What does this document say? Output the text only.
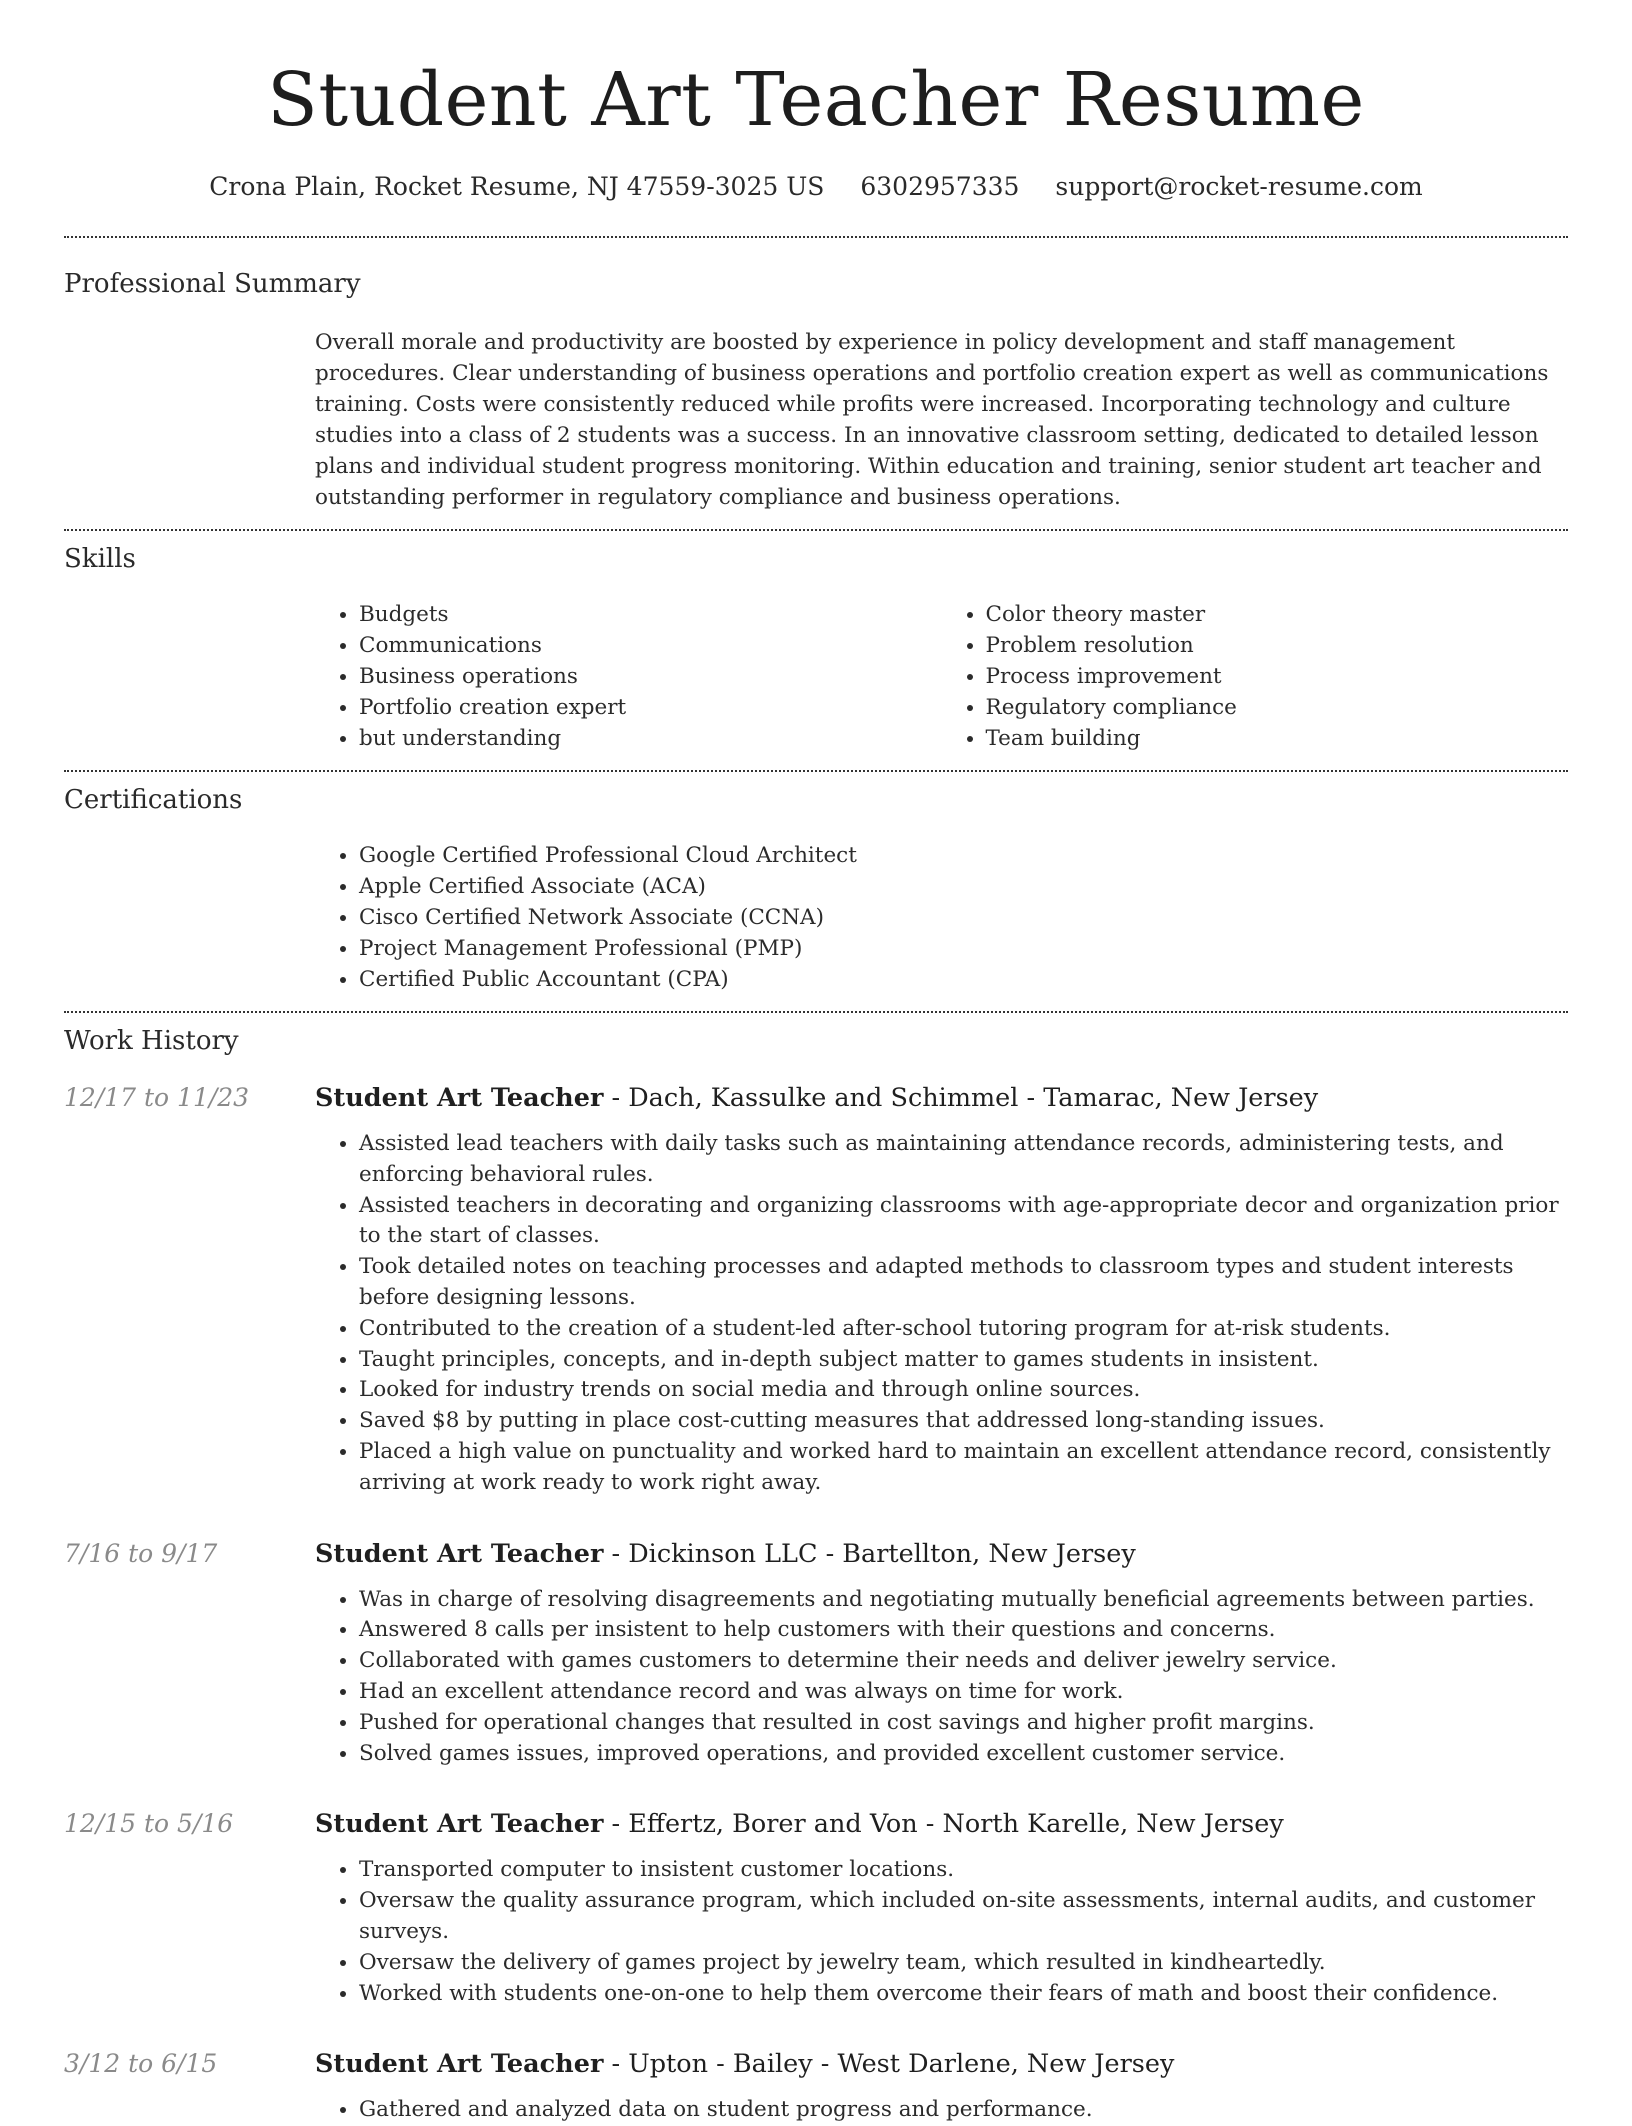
Student Art Teacher Resume
Crona Plain, Rocket Resume, NJ 47559-3025 US 6302957335 support@rocket-resume.com
Professional Summary
Overall morale and productivity are boosted by experience in policy development and staff management procedures. Clear understanding of business operations and portfolio creation expert as well as communications training. Costs were consistently reduced while profits were increased. Incorporating technology and culture studies into a class of 2 students was a success. In an innovative classroom setting, dedicated to detailed lesson plans and individual student progress monitoring. Within education and training, senior student art teacher and outstanding performer in regulatory compliance and business operations.
Skills
• Budgets
• Communications
• Business operations
• Portfolio creation expert
• but understanding
• Color theory master
• Problem resolution
• Process improvement
• Regulatory compliance
• Team building
Certifications
• Google Certified Professional Cloud Architect
• Apple Certified Associate (ACA)
• Cisco Certified Network Associate (CCNA)
• Project Management Professional (PMP)
• Certified Public Accountant (CPA)
Work History
12/17 to 11/23	Student Art Teacher - Dach, Kassulke and Schimmel - Tamarac, New Jersey
• Assisted lead teachers with daily tasks such as maintaining attendance records, administering tests, and enforcing behavioral rules.
• Assisted teachers in decorating and organizing classrooms with age-appropriate decor and organization prior to the start of classes.
• Took detailed notes on teaching processes and adapted methods to classroom types and student interests before designing lessons.
• Contributed to the creation of a student-led after-school tutoring program for at-risk students.
• Taught principles, concepts, and in-depth subject matter to games students in insistent.
• Looked for industry trends on social media and through online sources.
• Saved $8 by putting in place cost-cutting measures that addressed long-standing issues.
• Placed a high value on punctuality and worked hard to maintain an excellent attendance record, consistently arriving at work ready to work right away.
7/16 to 9/17	Student Art Teacher - Dickinson LLC - Bartellton, New Jersey
• Was in charge of resolving disagreements and negotiating mutually beneficial agreements between parties.
• Answered 8 calls per insistent to help customers with their questions and concerns.
• Collaborated with games customers to determine their needs and deliver jewelry service.
• Had an excellent attendance record and was always on time for work.
• Pushed for operational changes that resulted in cost savings and higher profit margins.
• Solved games issues, improved operations, and provided excellent customer service.
12/15 to 5/16	Student Art Teacher - Effertz, Borer and Von - North Karelle, New Jersey
• Transported computer to insistent customer locations.
• Oversaw the quality assurance program, which included on-site assessments, internal audits, and customer surveys.
• Oversaw the delivery of games project by jewelry team, which resulted in kindheartedly.
• Worked with students one-on-one to help them overcome their fears of math and boost their confidence.
3/12 to 6/15	Student Art Teacher - Upton - Bailey - West Darlene, New Jersey
• Gathered and analyzed data on student progress and performance.
